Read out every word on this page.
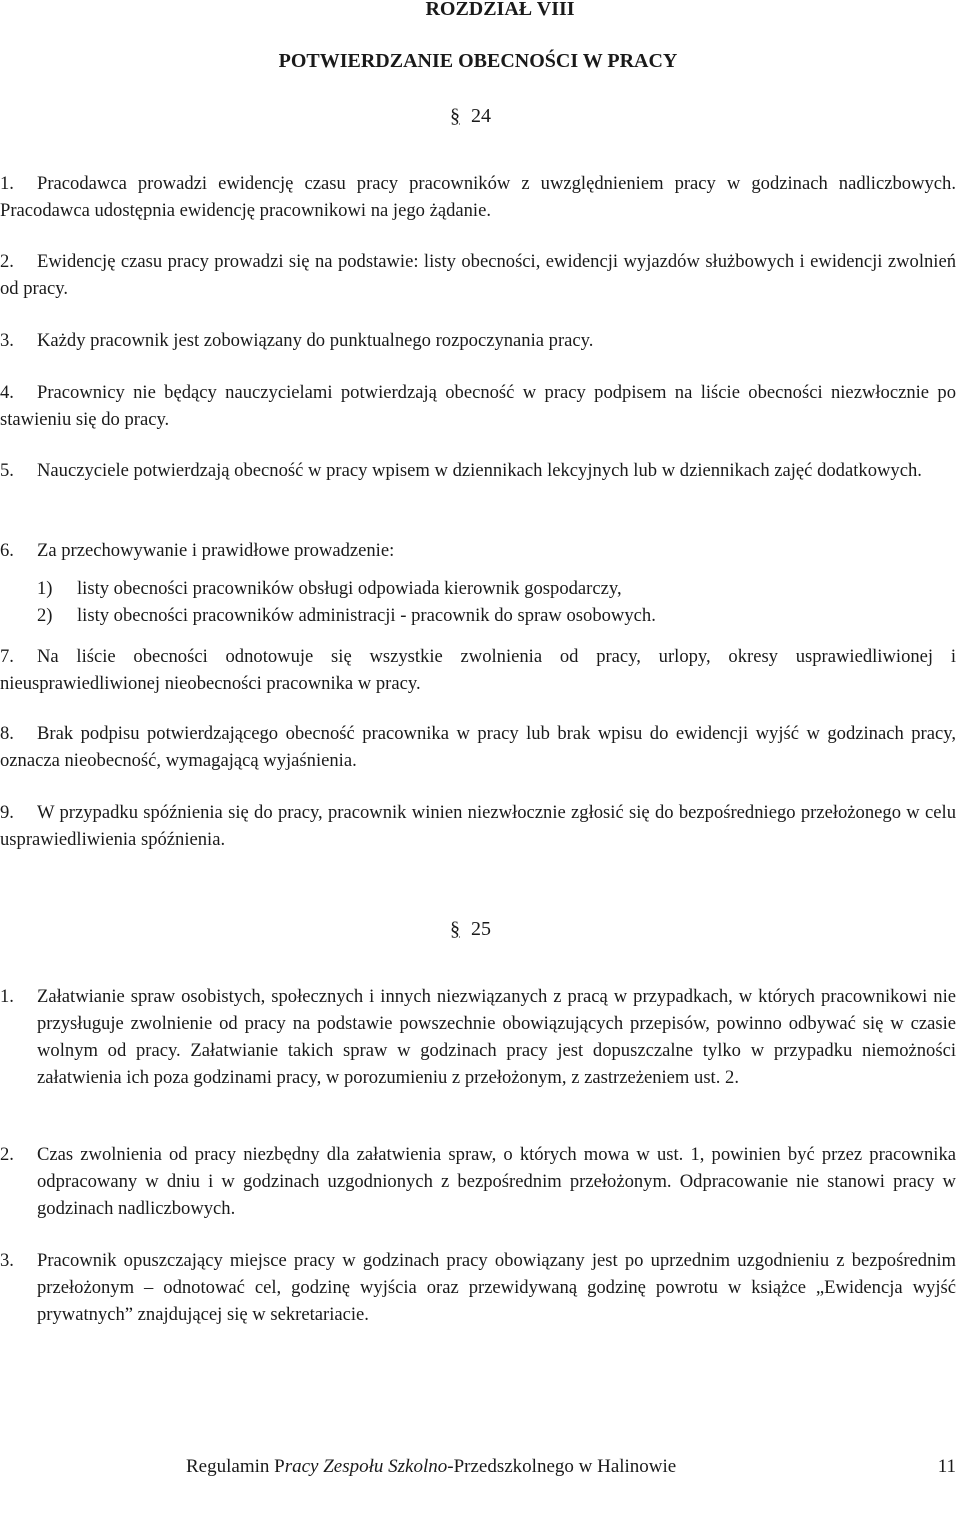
ROZDZIAŁ VIII
POTWIERDZANIE OBECNOŚCI W PRACY
§ 24
1.	Pracodawca prowadzi ewidencję czasu pracy pracowników z uwzględnieniem pracy w godzinach nadliczbowych. Pracodawca udostępnia ewidencję pracownikowi na jego żądanie.
2.	Ewidencję czasu pracy prowadzi się na podstawie: listy obecności, ewidencji wyjazdów służbowych i ewidencji zwolnień od pracy.
3. Każdy pracownik jest zobowiązany do punktualnego rozpoczynania pracy.
4.	Pracownicy nie będący nauczycielami potwierdzają obecność w pracy podpisem na liście obecności niezwłocznie po stawieniu się do pracy.
5.	Nauczyciele potwierdzają obecność w pracy wpisem w dziennikach lekcyjnych lub w dziennikach zajęć dodatkowych.
6. Za przechowywanie i prawidłowe prowadzenie:
1) listy obecności pracowników obsługi odpowiada kierownik gospodarczy,
2) listy obecności pracowników administracji - pracownik do spraw osobowych.
7.	Na liście obecności odnotowuje się wszystkie zwolnienia od pracy, urlopy, okresy usprawiedliwionej i nieusprawiedliwionej nieobecności pracownika w pracy.
8.	Brak podpisu potwierdzającego obecność pracownika w pracy lub brak wpisu do ewidencji wyjść w godzinach pracy, oznacza nieobecność, wymagającą wyjaśnienia.
9.	W przypadku spóźnienia się do pracy, pracownik winien niezwłocznie zgłosić się do bezpośredniego przełożonego w celu usprawiedliwienia spóźnienia.
§ 25
1. Załatwianie spraw osobistych, społecznych i innych niezwiązanych z pracą w przypadkach, w których pracownikowi nie przysługuje zwolnienie od pracy na podstawie powszechnie obowiązujących przepisów, powinno odbywać się w czasie wolnym od pracy. Załatwianie takich spraw w godzinach pracy jest dopuszczalne tylko w przypadku niemożności załatwienia ich poza godzinami pracy, w porozumieniu z przełożonym, z zastrzeżeniem ust. 2.
2. Czas zwolnienia od pracy niezbędny dla załatwienia spraw, o których mowa w ust. 1, powinien być przez pracownika odpracowany w dniu i w godzinach uzgodnionych z bezpośrednim przełożonym. Odpracowanie nie stanowi pracy w godzinach nadliczbowych.
3. Pracownik opuszczający miejsce pracy w godzinach pracy obowiązany jest po uprzednim uzgodnieniu z bezpośrednim przełożonym – odnotować cel, godzinę wyjścia oraz przewidywaną godzinę powrotu w książce „Ewidencja wyjść prywatnych” znajdującej się w sekretariacie.
Regulamin Pracy Zespołu Szkolno-Przedszkolnego w Halinowie	11
